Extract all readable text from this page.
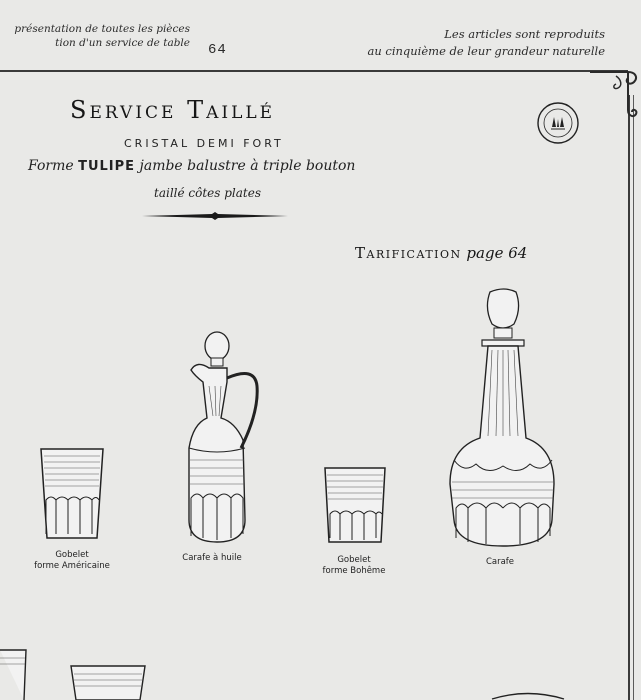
présentation de toutes les pièces
tion d'un service de table 64
Les articles sont reproduits
au cinquième de leur grandeur naturelle
Service Taillé
CRISTAL DEMI FORT
Forme TULIPE jambe balustre à triple bouton
taillé côtes plates
Tarification page 64
Gobelet
forme Américaine
Carafe à huile	Gobelet
forme Bohême
Carafe
